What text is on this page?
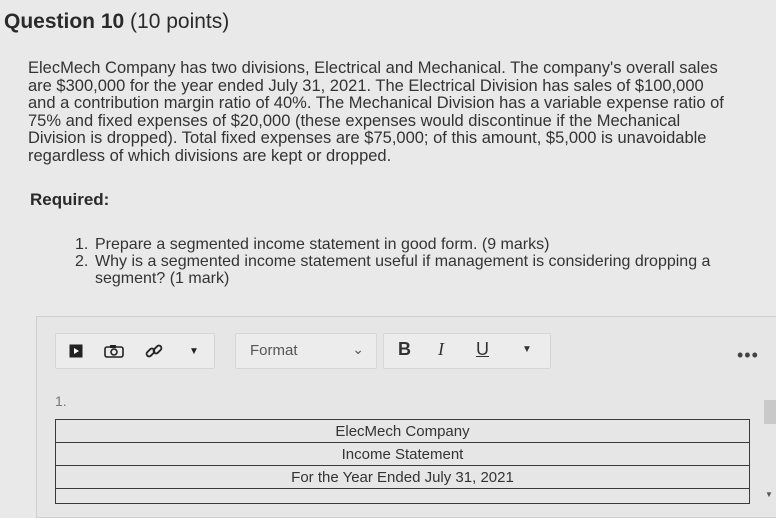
Question 10 (10 points)

ElecMech Company has two divisions, Electrical and Mechanical. The company's overall sales

are $300,000 for the year ended July 31, 2021. The Electrical Division has sales of $100,000

and a contribution margin ratio of 40%. The Mechanical Division has a variable expense ratio of

75% and fixed expenses of $20,000 (these expenses would discontinue if the Mechanical

Division is dropped). Total fixed expenses are $75,000; of this amount, $5,000 is unavoidable

regardless of which divisions are kept or dropped.

Required:
1. Prepare a segmented income statement in good form. (9 marks)
2. Why is a segmented income statement useful if management is considering dropping a segment? (1 mark)
▼	Format	⌄ B I U	▼	•••
1.
ElecMech Company
Income Statement
For the Year Ended July 31, 2021

▼
